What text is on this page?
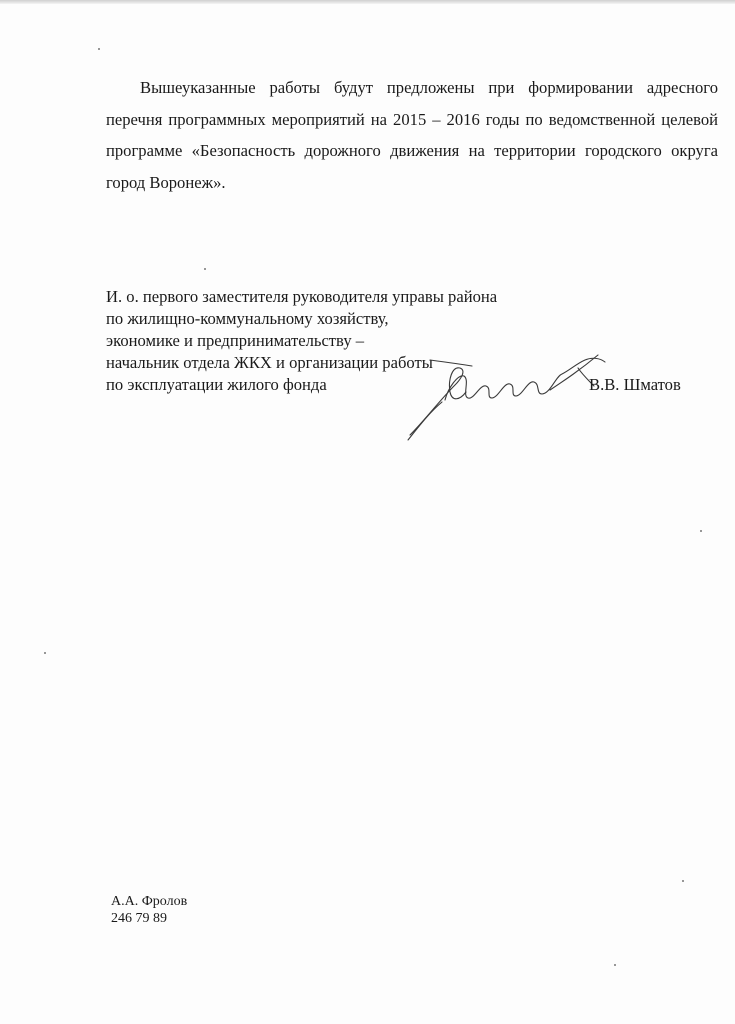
Вышеуказанные работы будут предложены при формировании адресного перечня программных мероприятий на 2015 – 2016 годы по ведомственной целевой программе «Безопасность дорожного движения на территории городского округа город Воронеж».

И. о. первого заместителя руководителя управы района
по жилищно-коммунальному хозяйству,
экономике и предпринимательству –
начальник отдела ЖКХ и организации работы
по эксплуатации жилого фонда	В.В. Шматов
А.А. Фролов
246 79 89
